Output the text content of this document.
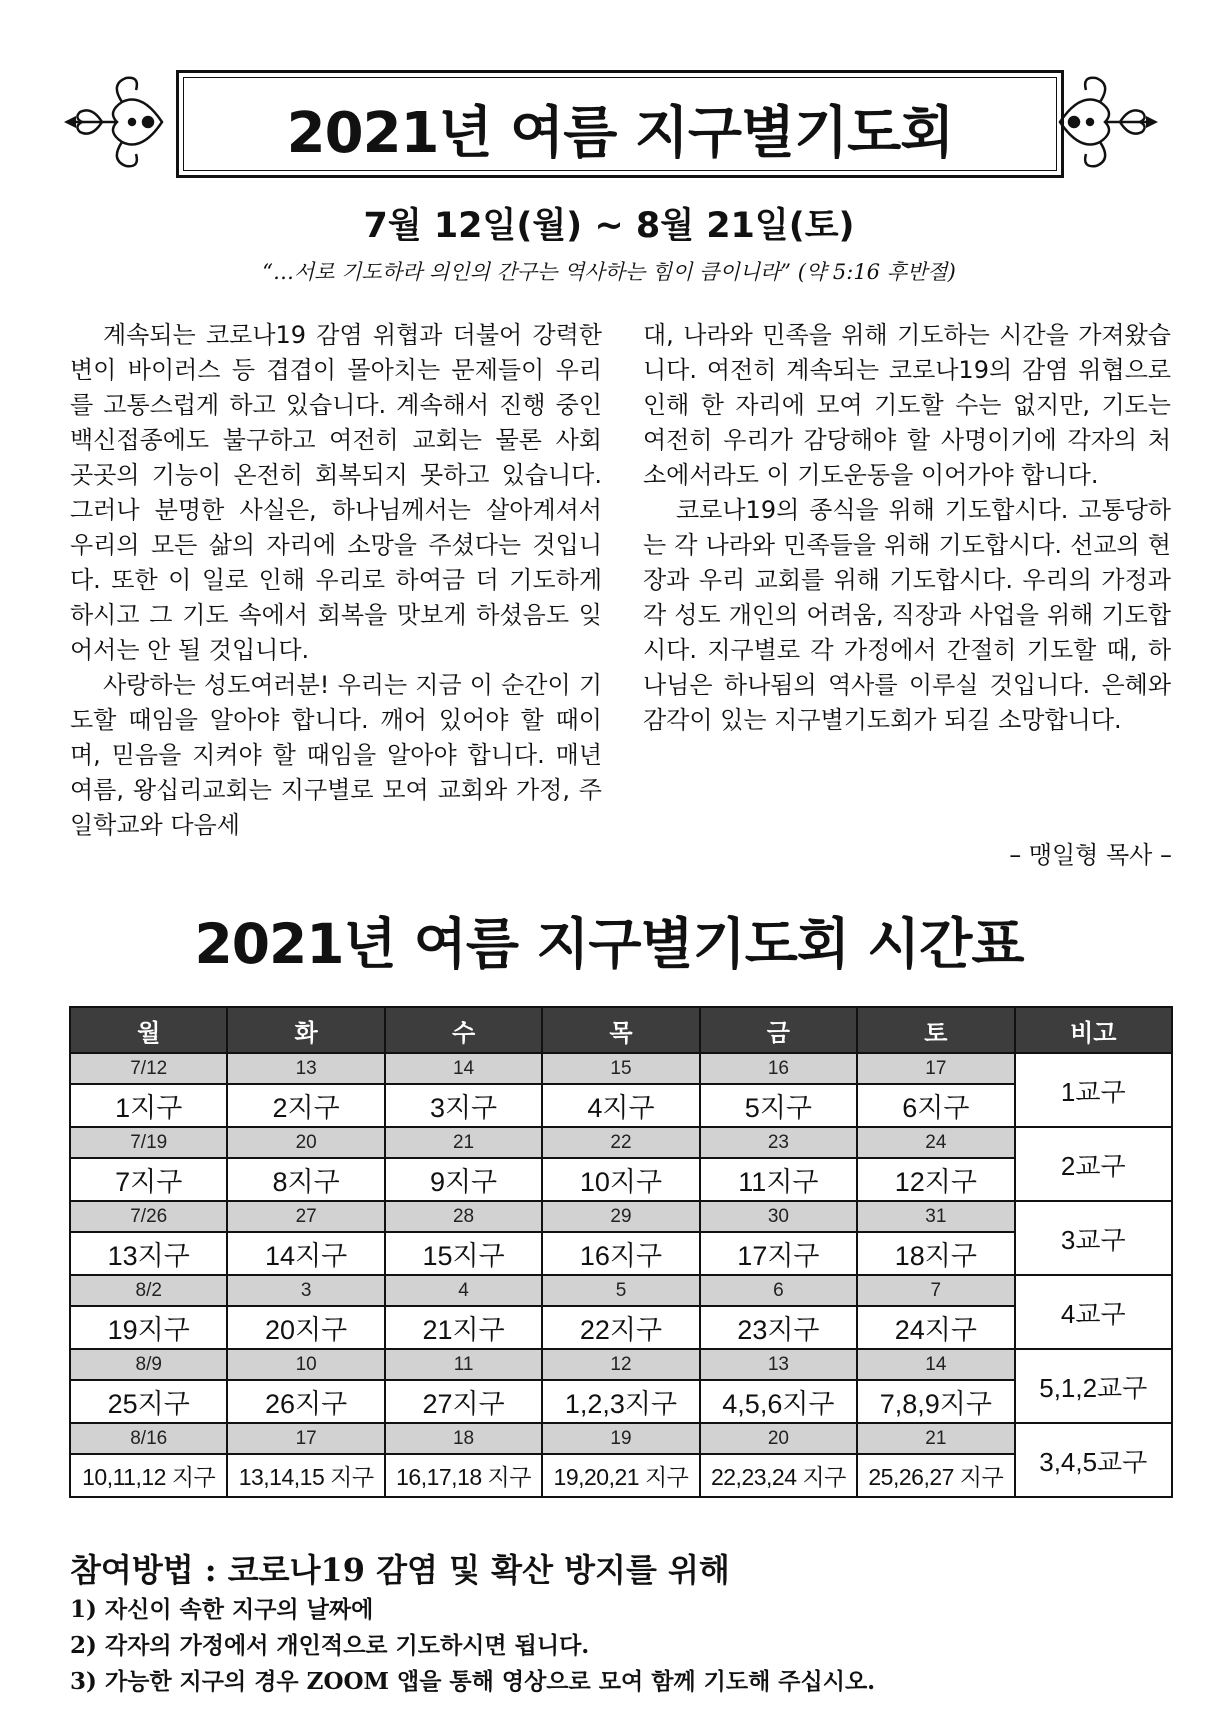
2021년 여름 지구별기도회
7월 12일(월) ~ 8월 21일(토)
“…서로 기도하라 의인의 간구는 역사하는 힘이 큼이니라” (약 5:16 후반절)

계속되는 코로나19 감염 위협과 더불어 강력한 변이 바이러스 등 겹겹이 몰아치는 문제들이 우리를 고통스럽게 하고 있습니다. 계속해서 진행 중인 백신접종에도 불구하고 여전히 교회는 물론 사회 곳곳의 기능이 온전히 회복되지 못하고 있습니다. 그러나 분명한 사실은, 하나님께서는 살아계셔서 우리의 모든 삶의 자리에 소망을 주셨다는 것입니다. 또한 이 일로 인해 우리로 하여금 더 기도하게 하시고 그 기도 속에서 회복을 맛보게 하셨음도 잊어서는 안 될 것입니다.

사랑하는 성도여러분! 우리는 지금 이 순간이 기도할 때임을 알아야 합니다. 깨어 있어야 할 때이며, 믿음을 지켜야 할 때임을 알아야 합니다. 매년 여름, 왕십리교회는 지구별로 모여 교회와 가정, 주일학교와 다음세

대, 나라와 민족을 위해 기도하는 시간을 가져왔습니다. 여전히 계속되는 코로나19의 감염 위협으로 인해 한 자리에 모여 기도할 수는 없지만, 기도는 여전히 우리가 감당해야 할 사명이기에 각자의 처소에서라도 이 기도운동을 이어가야 합니다.

코로나19의 종식을 위해 기도합시다. 고통당하는 각 나라와 민족들을 위해 기도합시다. 선교의 현장과 우리 교회를 위해 기도합시다. 우리의 가정과 각 성도 개인의 어려움, 직장과 사업을 위해 기도합시다. 지구별로 각 가정에서 간절히 기도할 때, 하나님은 하나됨의 역사를 이루실 것입니다. 은혜와 감각이 있는 지구별기도회가 되길 소망합니다.

– 맹일형 목사 –
2021년 여름 지구별기도회 시간표
월	화	수	목	금	토	비고
7/12	13	14	15	16	17	1교구
1지구	2지구	3지구	4지구	5지구	6지구	
7/19	20	21	22	23	24	2교구
7지구	8지구	9지구	10지구	11지구	12지구	
7/26	27	28	29	30	31	3교구
13지구	14지구	15지구	16지구	17지구	18지구	
8/2	3	4	5	6	7	4교구
19지구	20지구	21지구	22지구	23지구	24지구	
8/9	10	11	12	13	14	5,1,2교구
25지구	26지구	27지구	1,2,3지구	4,5,6지구	7,8,9지구	
8/16	17	18	19	20	21	3,4,5교구
10,11,12 지구	13,14,15 지구	16,17,18 지구	19,20,21 지구	22,23,24 지구	25,26,27 지구	
참여방법 : 코로나19 감염 및 확산 방지를 위해
1) 자신이 속한 지구의 날짜에
2) 각자의 가정에서 개인적으로 기도하시면 됩니다.
3) 가능한 지구의 경우 ZOOM 앱을 통해 영상으로 모여 함께 기도해 주십시오.
